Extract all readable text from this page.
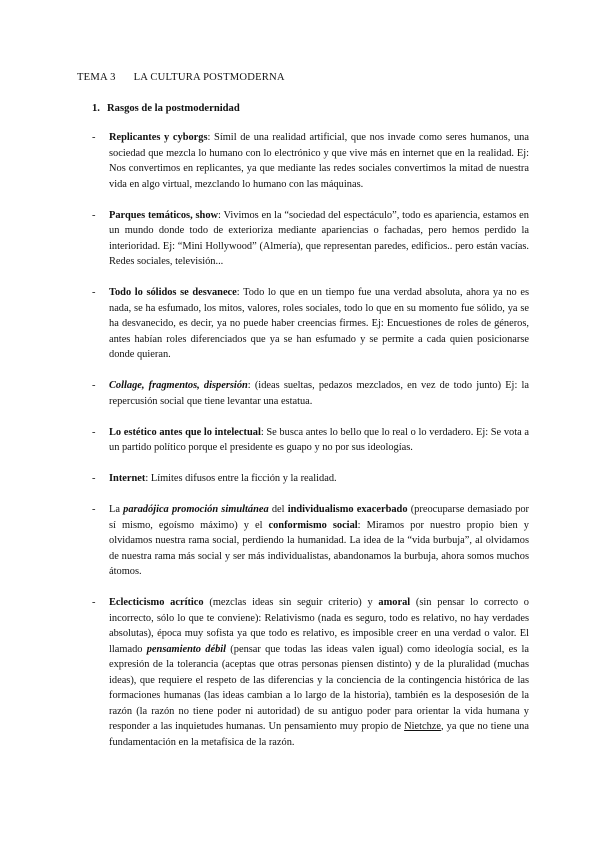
TEMA 3 LA CULTURA POSTMODERNA
1. Rasgos de la postmodernidad
- Replicantes y cyborgs: Símil de una realidad artificial, que nos invade como seres humanos, una sociedad que mezcla lo humano con lo electrónico y que vive más en internet que en la realidad. Ej: Nos convertimos en replicantes, ya que mediante las redes sociales convertimos la mitad de nuestra vida en algo virtual, mezclando lo humano con las máquinas.
- Parques temáticos, show: Vivimos en la “sociedad del espectáculo”, todo es apariencia, estamos en un mundo donde todo de exterioriza mediante apariencias o fachadas, pero hemos perdido la interioridad. Ej: “Mini Hollywood” (Almería), que representan paredes, edificios.. pero están vacías. Redes sociales, televisión...
- Todo lo sólidos se desvanece: Todo lo que en un tiempo fue una verdad absoluta, ahora ya no es nada, se ha esfumado, los mitos, valores, roles sociales, todo lo que en su momento fue sólido, ya se ha desvanecido, es decir, ya no puede haber creencias firmes. Ej: Encuestiones de roles de géneros, antes habían roles diferenciados que ya se han esfumado y se permite a cada quien posicionarse donde quieran.
- Collage, fragmentos, dispersión: (ideas sueltas, pedazos mezclados, en vez de todo junto) Ej: la repercusión social que tiene levantar una estatua.
- Lo estético antes que lo intelectual: Se busca antes lo bello que lo real o lo verdadero. Ej: Se vota a un partido político porque el presidente es guapo y no por sus ideologías.
- Internet: Límites difusos entre la ficción y la realidad.
- La paradójica promoción simultánea del individualismo exacerbado (preocuparse demasiado por sí mismo, egoísmo máximo) y el conformismo social: Miramos por nuestro propio bien y olvidamos nuestra rama social, perdiendo la humanidad. La idea de la “vida burbuja”, al olvidamos de nuestra rama más social y ser más individualistas, abandonamos la burbuja, ahora somos muchos átomos.
- Eclecticismo acrítico (mezclas ideas sin seguir criterio) y amoral (sin pensar lo correcto o incorrecto, sólo lo que te conviene): Relativismo (nada es seguro, todo es relativo, no hay verdades absolutas), época muy sofista ya que todo es relativo, es imposible creer en una verdad o valor. El llamado pensamiento débil (pensar que todas las ideas valen igual) como ideología social, es la expresión de la tolerancia (aceptas que otras personas piensen distinto) y de la pluralidad (muchas ideas), que requiere el respeto de las diferencias y la conciencia de la contingencia histórica de las formaciones humanas (las ideas cambian a lo largo de la historia), también es la desposesión de la razón (la razón no tiene poder ni autoridad) de su antiguo poder para orientar la vida humana y responder a las inquietudes humanas. Un pensamiento muy propio de Nietchze, ya que no tiene una fundamentación en la metafísica de la razón.
